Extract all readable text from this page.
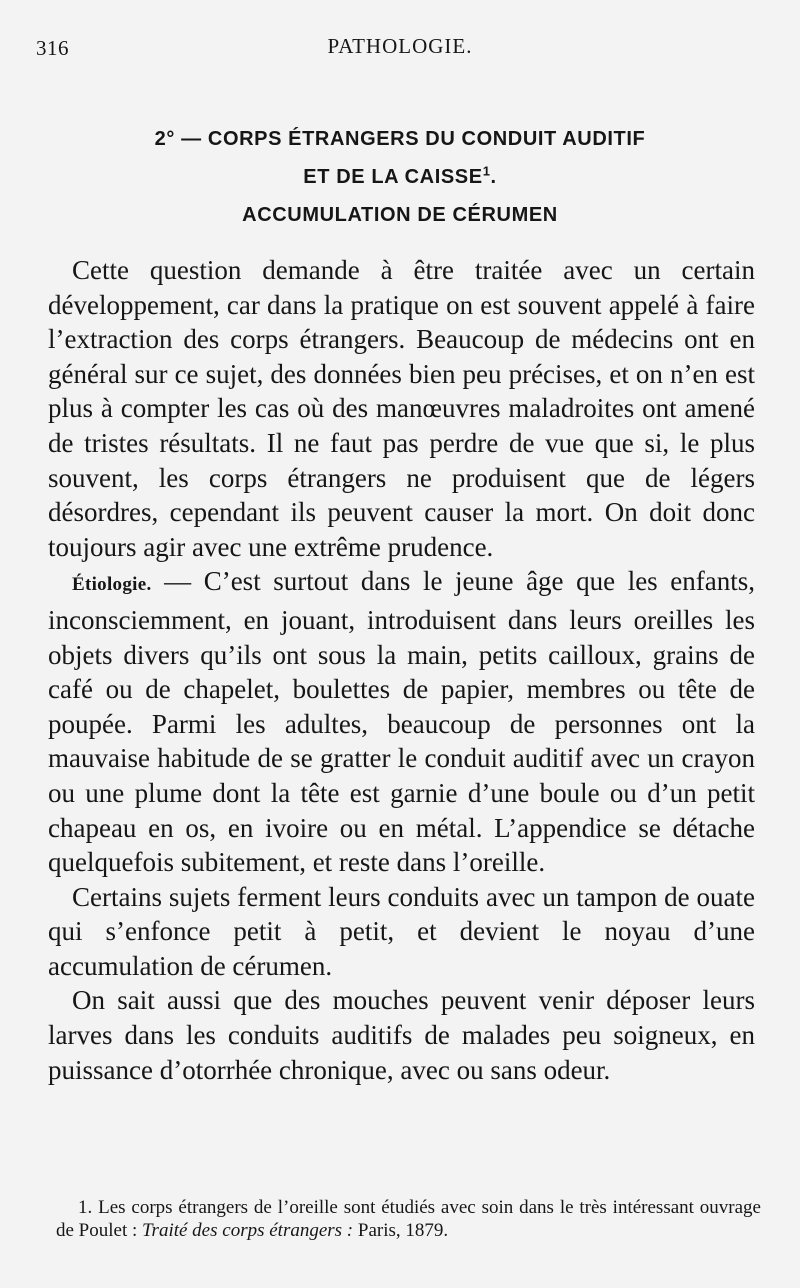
316	PATHOLOGIE.
2° — CORPS ÉTRANGERS DU CONDUIT AUDITIF
ET DE LA CAISSE$^1$.
ACCUMULATION DE CÉRUMEN

Cette question demande à être traitée avec un certain développement, car dans la pratique on est souvent appelé à faire l’extraction des corps étrangers. Beaucoup de médecins ont en général sur ce sujet, des données bien peu précises, et on n’en est plus à compter les cas où des manœuvres maladroites ont amené de tristes résultats. Il ne faut pas perdre de vue que si, le plus souvent, les corps étrangers ne produisent que de légers désordres, cependant ils peuvent causer la mort. On doit donc toujours agir avec une extrême prudence.

Étiologie. — C’est surtout dans le jeune âge que les enfants, inconsciemment, en jouant, introduisent dans leurs oreilles les objets divers qu’ils ont sous la main, petits cailloux, grains de café ou de chapelet, boulettes de papier, membres ou tête de poupée. Parmi les adultes, beaucoup de personnes ont la mauvaise habitude de se gratter le conduit auditif avec un crayon ou une plume dont la tête est garnie d’une boule ou d’un petit chapeau en os, en ivoire ou en métal. L’appendice se détache quelquefois subitement, et reste dans l’oreille.

Certains sujets ferment leurs conduits avec un tampon de ouate qui s’enfonce petit à petit, et devient le noyau d’une accumulation de cérumen.

On sait aussi que des mouches peuvent venir déposer leurs larves dans les conduits auditifs de malades peu soigneux, en puissance d’otorrhée chronique, avec ou sans odeur.

1. Les corps étrangers de l’oreille sont étudiés avec soin dans le très intéressant ouvrage de Poulet : Traité des corps étrangers : Paris, 1879.
